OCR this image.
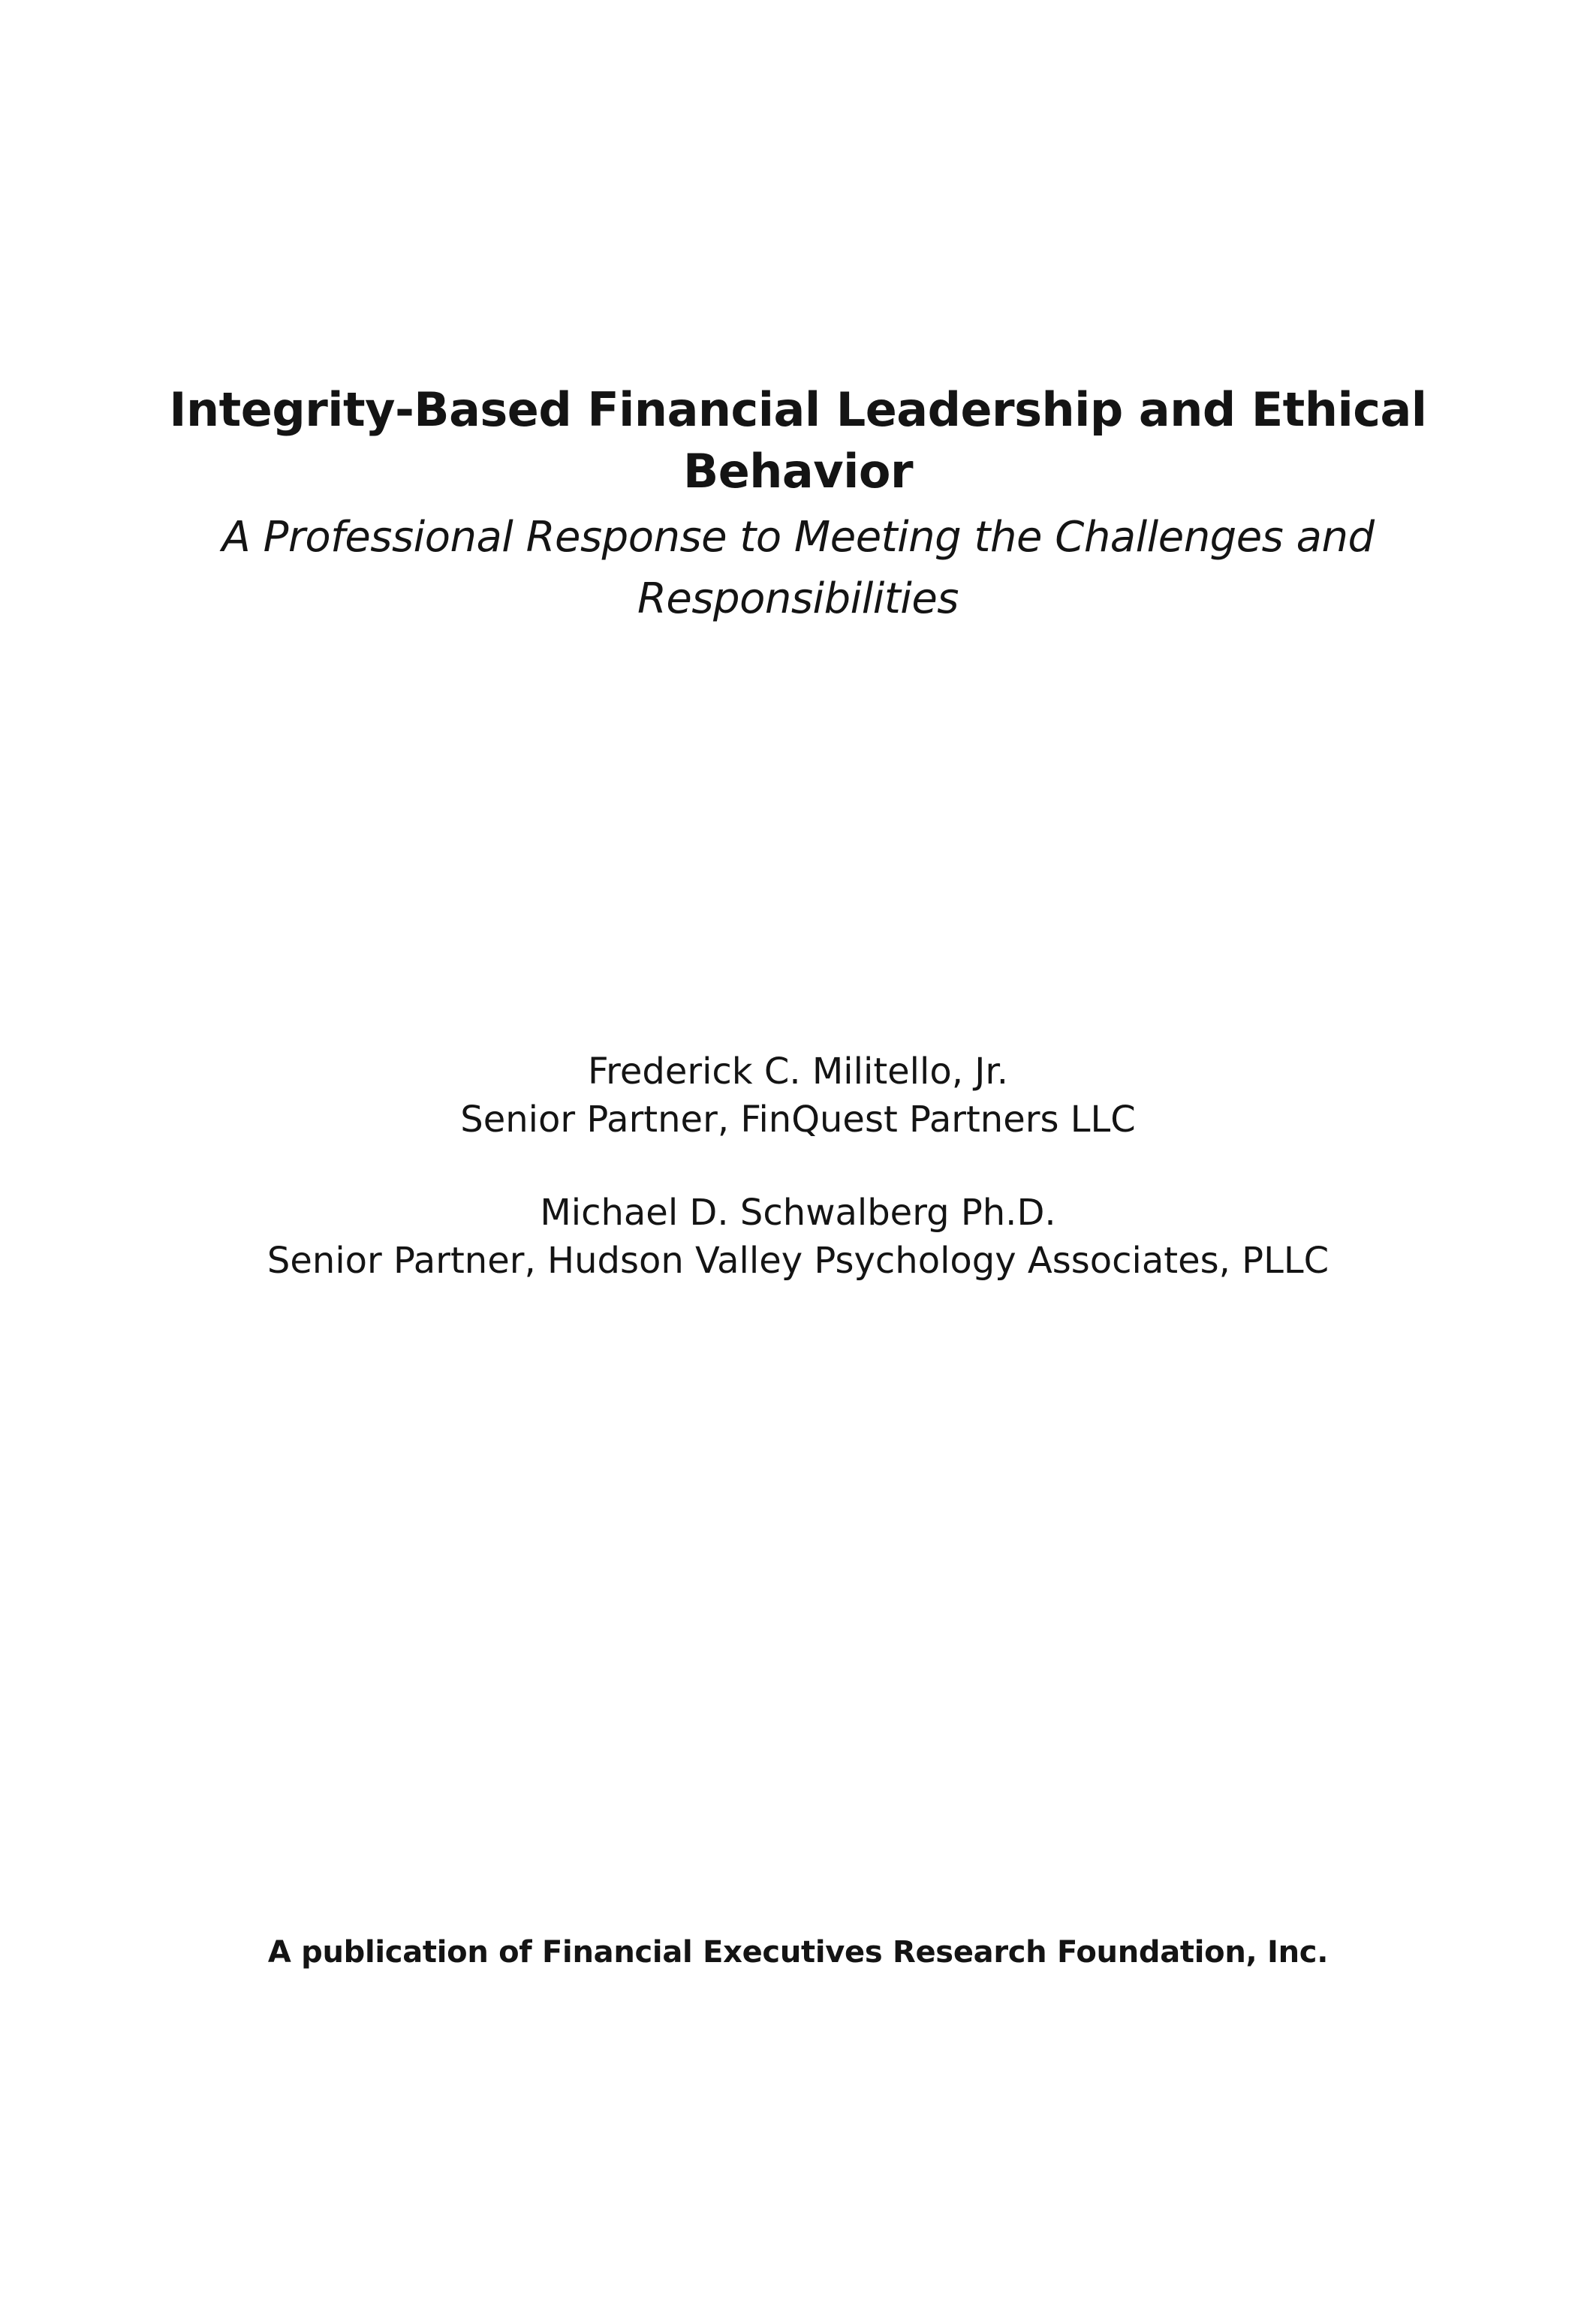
Integrity-Based Financial Leadership and Ethical Behavior
A Professional Response to Meeting the Challenges and Responsibilities
Frederick C. Militello, Jr.
Senior Partner, FinQuest Partners LLC
Michael D. Schwalberg Ph.D.
Senior Partner, Hudson Valley Psychology Associates, PLLC
A publication of Financial Executives Research Foundation, Inc.
